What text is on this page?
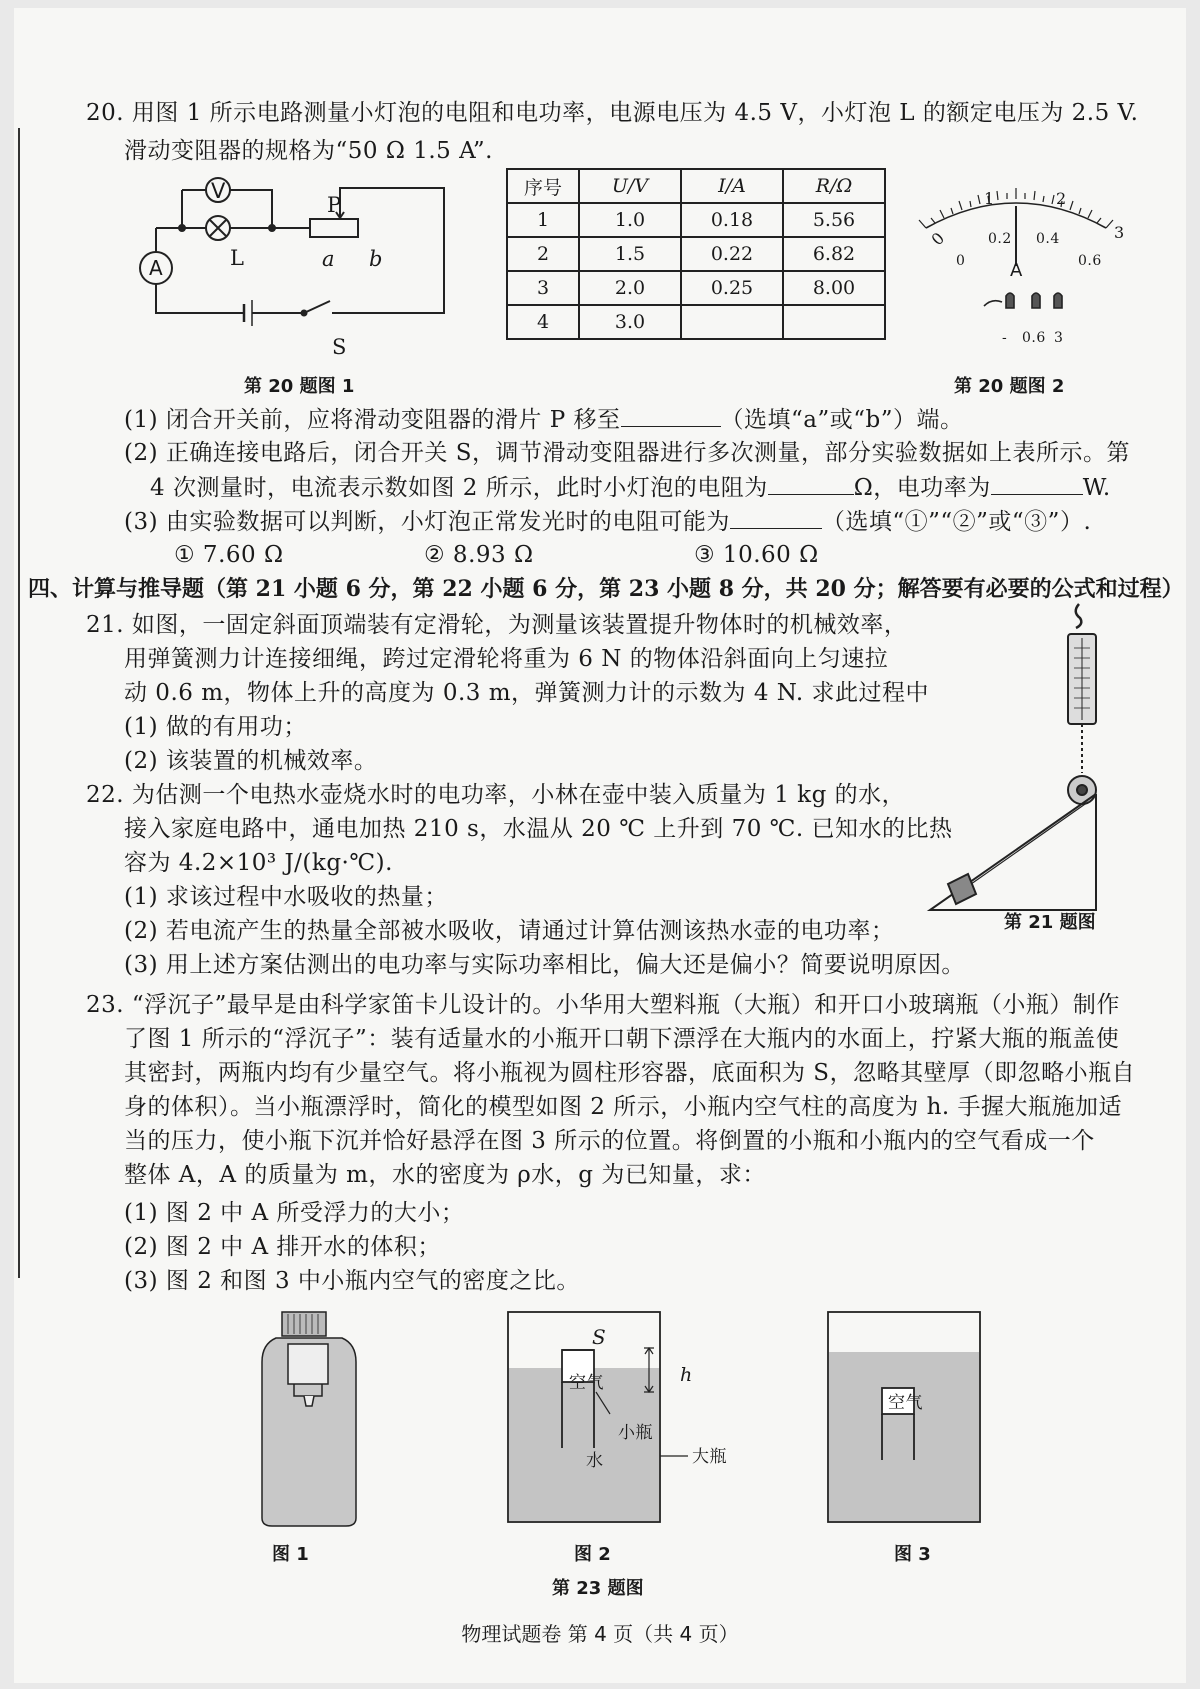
20. 用图 1 所示电路测量小灯泡的电阻和电功率，电源电压为 4.5 V，小灯泡 L 的额定电压为 2.5 V.
滑动变阻器的规格为“50 Ω 1.5 A”.
V
L
A
P
a b
S
序号	U/V	I/A	R/Ω
1	1.0	0.18	5.56
2	1.5	0.22	6.82
3	2.0	0.25	8.00
4	3.0		
0
1	2
3
0
0.2 0.4
0.6
A
- 0.6 3
第 20 题图 1	第 20 题图 2
(1) 闭合开关前，应将滑动变阻器的滑片 P 移至	（选填“a”或“b”）端。
(2) 正确连接电路后，闭合开关 S，调节滑动变阻器进行多次测量，部分实验数据如上表所示。第
4 次测量时，电流表示数如图 2 所示，此时小灯泡的电阻为	Ω，电功率为	W.
(3) 由实验数据可以判断，小灯泡正常发光时的电阻可能为	（选填“①”“②”或“③”）.
① 7.60 Ω	② 8.93 Ω	③ 10.60 Ω
四、计算与推导题（第 21 小题 6 分，第 22 小题 6 分，第 23 小题 8 分，共 20 分；解答要有必要的公式和过程）
21. 如图，一固定斜面顶端装有定滑轮，为测量该装置提升物体时的机械效率，
用弹簧测力计连接细绳，跨过定滑轮将重为 6 N 的物体沿斜面向上匀速拉
动 0.6 m，物体上升的高度为 0.3 m，弹簧测力计的示数为 4 N. 求此过程中
(1) 做的有用功；
(2) 该装置的机械效率。
第 21 题图
22. 为估测一个电热水壶烧水时的电功率，小林在壶中装入质量为 1 kg 的水，
接入家庭电路中，通电加热 210 s，水温从 20 ℃ 上升到 70 ℃. 已知水的比热
容为 4.2×10³ J/(kg·℃).
(1) 求该过程中水吸收的热量；
(2) 若电流产生的热量全部被水吸收，请通过计算估测该热水壶的电功率；
(3) 用上述方案估测出的电功率与实际功率相比，偏大还是偏小？简要说明原因。
23. “浮沉子”最早是由科学家笛卡儿设计的。小华用大塑料瓶（大瓶）和开口小玻璃瓶（小瓶）制作
了图 1 所示的“浮沉子”：装有适量水的小瓶开口朝下漂浮在大瓶内的水面上，拧紧大瓶的瓶盖使
其密封，两瓶内均有少量空气。将小瓶视为圆柱形容器，底面积为 S，忽略其壁厚（即忽略小瓶自
身的体积）。当小瓶漂浮时，简化的模型如图 2 所示，小瓶内空气柱的高度为 h. 手握大瓶施加适
当的压力，使小瓶下沉并恰好悬浮在图 3 所示的位置。将倒置的小瓶和小瓶内的空气看成一个
整体 A，A 的质量为 m，水的密度为 ρ水，g 为已知量，求：
(1) 图 2 中 A 所受浮力的大小；
(2) 图 2 中 A 排开水的体积；
(3) 图 2 和图 3 中小瓶内空气的密度之比。
S
空气	h
小瓶
水	大瓶
空气
图 1	图 2	图 3
第 23 题图
物理试题卷 第 4 页（共 4 页）
